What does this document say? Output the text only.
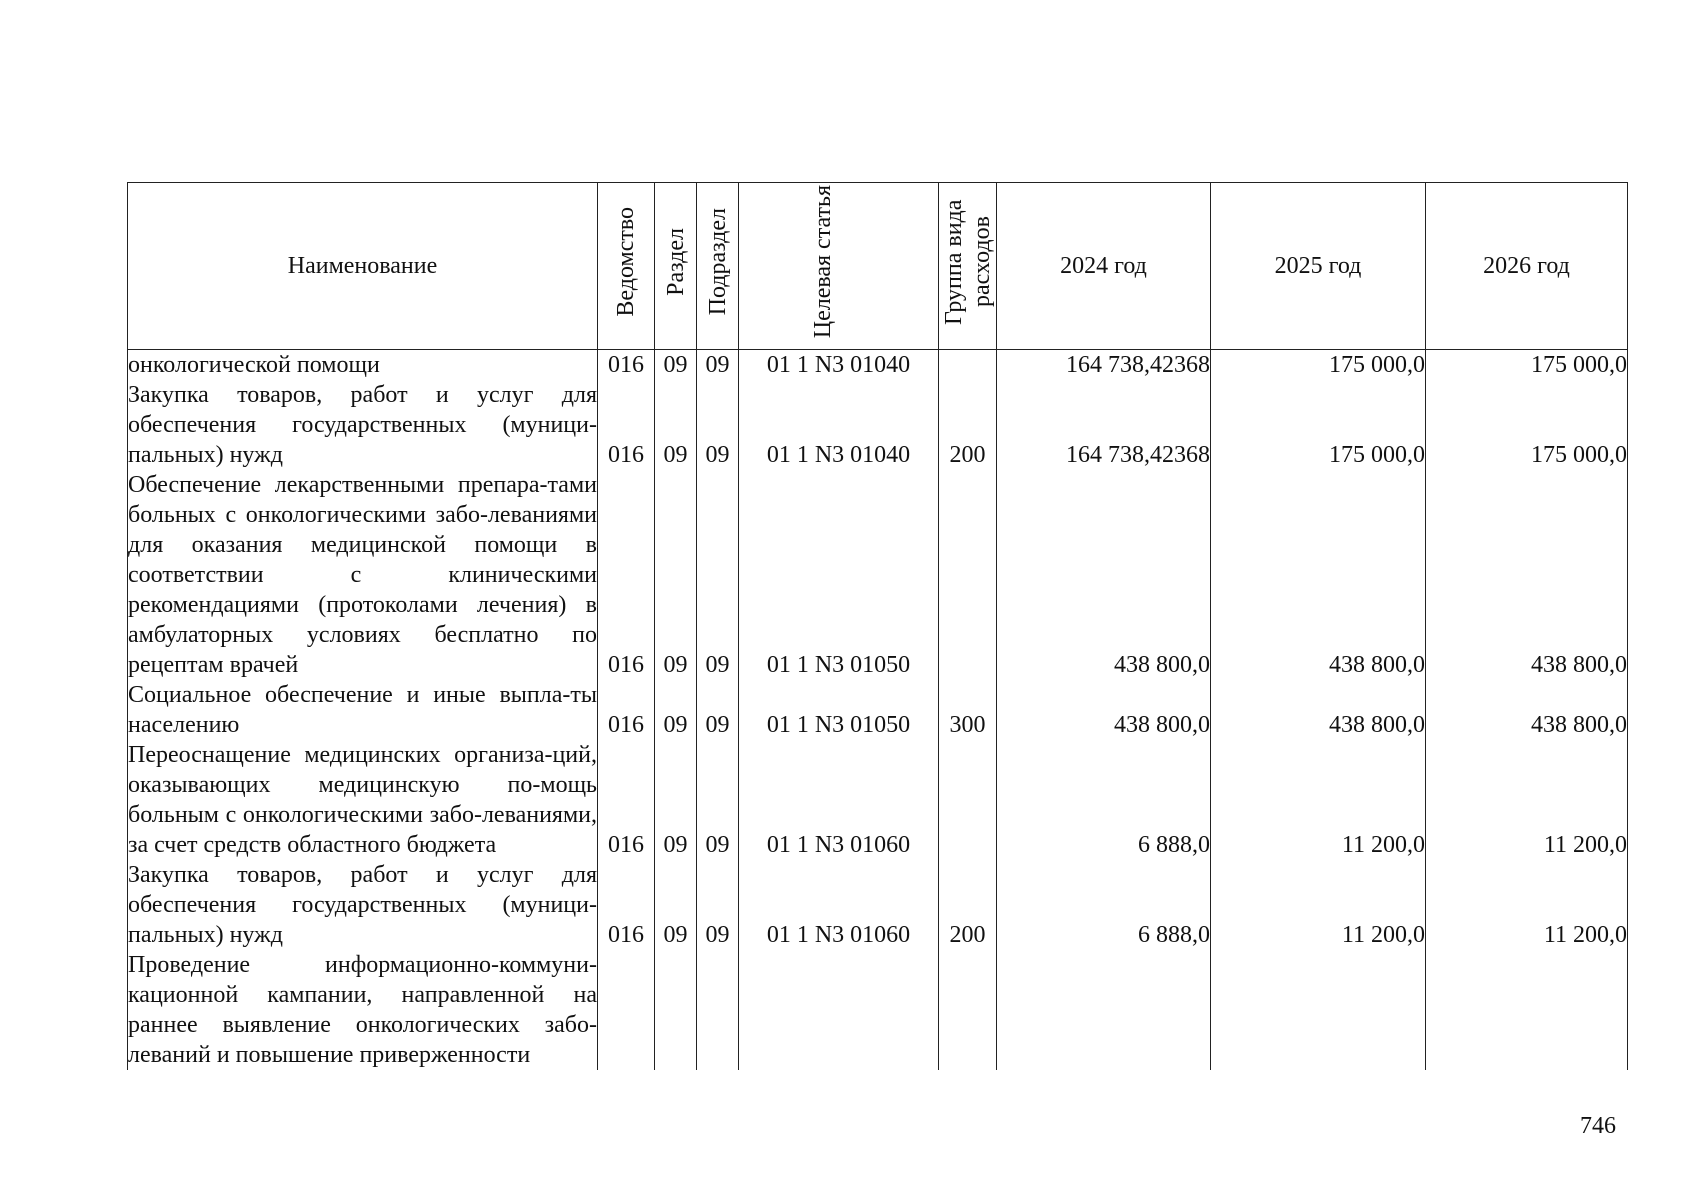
Наименование	Ведомство	Раздел	Подраздел	Целевая статья	Группа вида расходов	2024 год	2025 год	2026 год
онкологической помощи	016	09	09	01 1 N3 01040		164 738,42368	175 000,0	175 000,0
Закупка товаров, работ и услуг для обеспечения государственных (муници-пальных) нужд	016	09	09	01 1 N3 01040	200	164 738,42368	175 000,0	175 000,0
Обеспечение лекарственными препара-тами больных с онкологическими забо-леваниями для оказания медицинской помощи в соответствии с клиническими рекомендациями (протоколами лечения) в амбулаторных условиях бесплатно по рецептам врачей	016	09	09	01 1 N3 01050		438 800,0	438 800,0	438 800,0
Социальное обеспечение и иные выпла-ты населению	016	09	09	01 1 N3 01050	300	438 800,0	438 800,0	438 800,0
Переоснащение медицинских организа-ций, оказывающих медицинскую по-мощь больным с онкологическими забо-леваниями, за счет средств областного бюджета	016	09	09	01 1 N3 01060		6 888,0	11 200,0	11 200,0
Закупка товаров, работ и услуг для обеспечения государственных (муници-пальных) нужд	016	09	09	01 1 N3 01060	200	6 888,0	11 200,0	11 200,0
Проведение информационно-коммуни-кационной кампании, направленной на раннее выявление онкологических забо-леваний и повышение приверженности								
746
